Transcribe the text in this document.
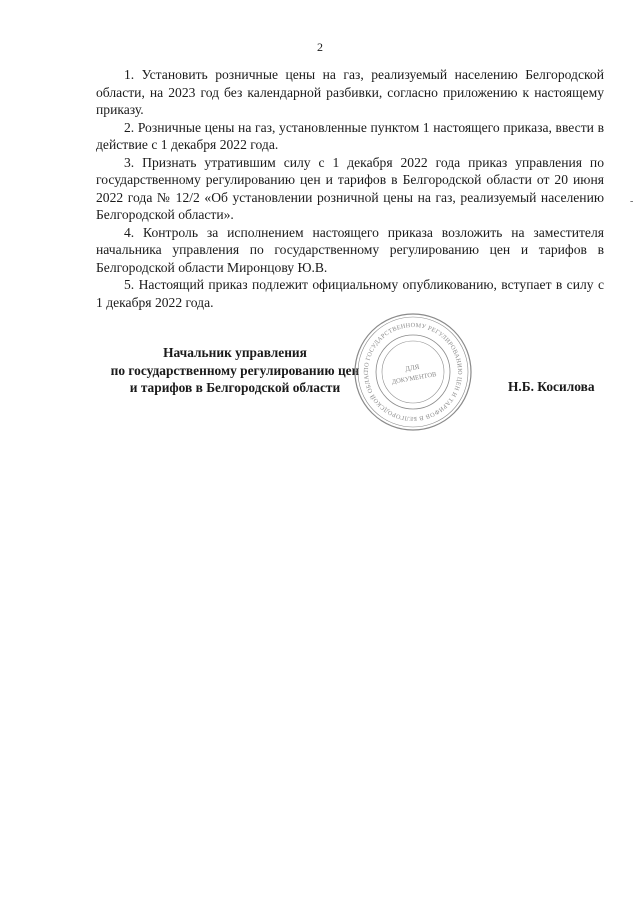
2

1. Установить розничные цены на газ, реализуемый населению Белгородской области, на 2023 год без календарной разбивки, согласно приложению к настоящему приказу.

2. Розничные цены на газ, установленные пунктом 1 настоящего приказа, ввести в действие с 1 декабря 2022 года.

3. Признать утратившим силу с 1 декабря 2022 года приказ управления по государственному регулированию цен и тарифов в Белгородской области от 20 июня 2022 года № 12/2 «Об установлении розничной цены на газ, реализуемый населению Белгородской области».

4. Контроль за исполнением настоящего приказа возложить на заместителя начальника управления по государственному регулированию цен и тарифов в Белгородской области Миронцову Ю.В.

5. Настоящий приказ подлежит официальному опубликованию, вступает в силу с 1 декабря 2022 года.

Начальник управления
по государственному регулированию цен
и тарифов в Белгородской области
ПО ГОСУДАРСТВЕННОМУ РЕГУЛИРОВАНИЮ ЦЕН И ТАРИФОВ В БЕЛГОРОДСКОЙ ОБЛАС	ДЛЯ
ДОКУМЕНТОВ
Н.Б. Косилова
-
